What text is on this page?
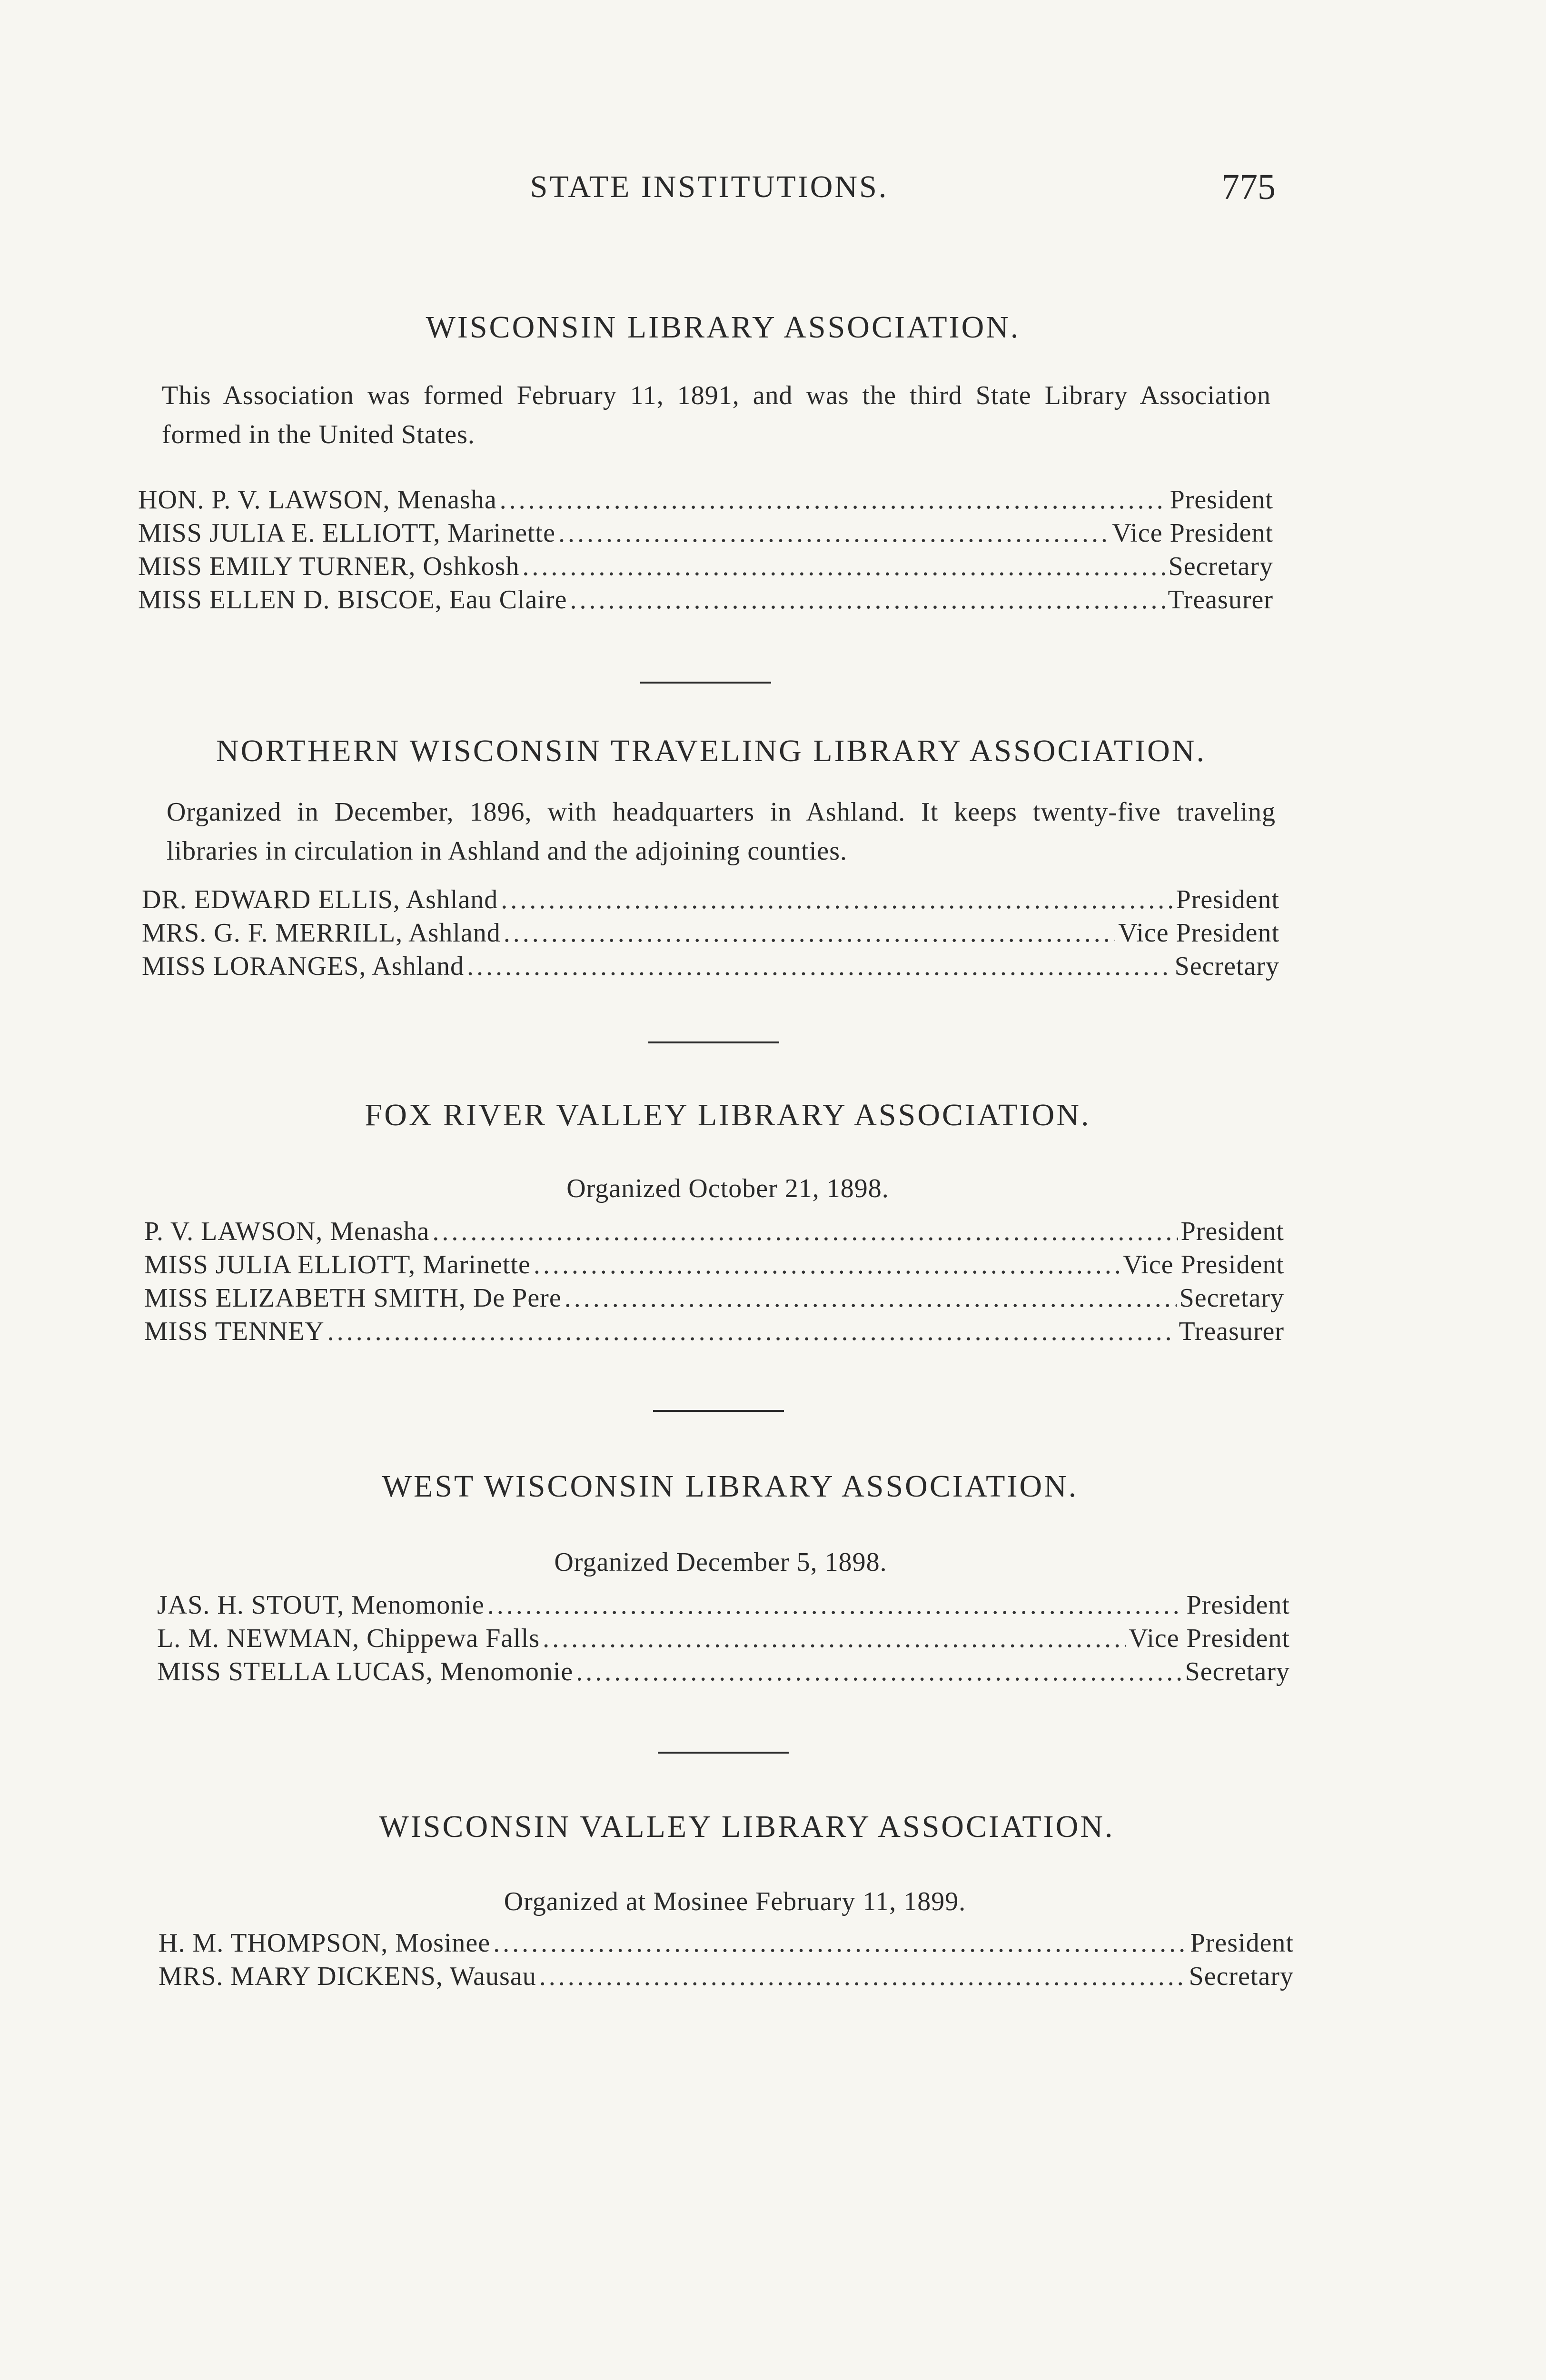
STATE INSTITUTIONS.	775
WISCONSIN LIBRARY ASSOCIATION.
This Association was formed February 11, 1891, and was the third State Library Association formed in the United States.
HON. P. V. LAWSON, Menasha .....	President
MISS JULIA E. ELLIOTT, Marinette .....	Vice President
MISS EMILY TURNER, Oshkosh .....	Secretary
MISS ELLEN D. BISCOE, Eau Claire .....	Treasurer
NORTHERN WISCONSIN TRAVELING LIBRARY ASSOCIATION.
Organized in December, 1896, with headquarters in Ashland. It keeps twenty-five traveling libraries in circulation in Ashland and the adjoining counties.
DR. EDWARD ELLIS, Ashland .....	President
MRS. G. F. MERRILL, Ashland .....	Vice President
MISS LORANGES, Ashland .....	Secretary
FOX RIVER VALLEY LIBRARY ASSOCIATION.
Organized October 21, 1898.
P. V. LAWSON, Menasha .....	President
MISS JULIA ELLIOTT, Marinette .....	Vice President
MISS ELIZABETH SMITH, De Pere .....	Secretary
MISS TENNEY .....	Treasurer
WEST WISCONSIN LIBRARY ASSOCIATION.
Organized December 5, 1898.
JAS. H. STOUT, Menomonie .....	President
L. M. NEWMAN, Chippewa Falls .....	Vice President
MISS STELLA LUCAS, Menomonie .....	Secretary
WISCONSIN VALLEY LIBRARY ASSOCIATION.
Organized at Mosinee February 11, 1899.
H. M. THOMPSON, Mosinee .....	President
MRS. MARY DICKENS, Wausau .....	Secretary
